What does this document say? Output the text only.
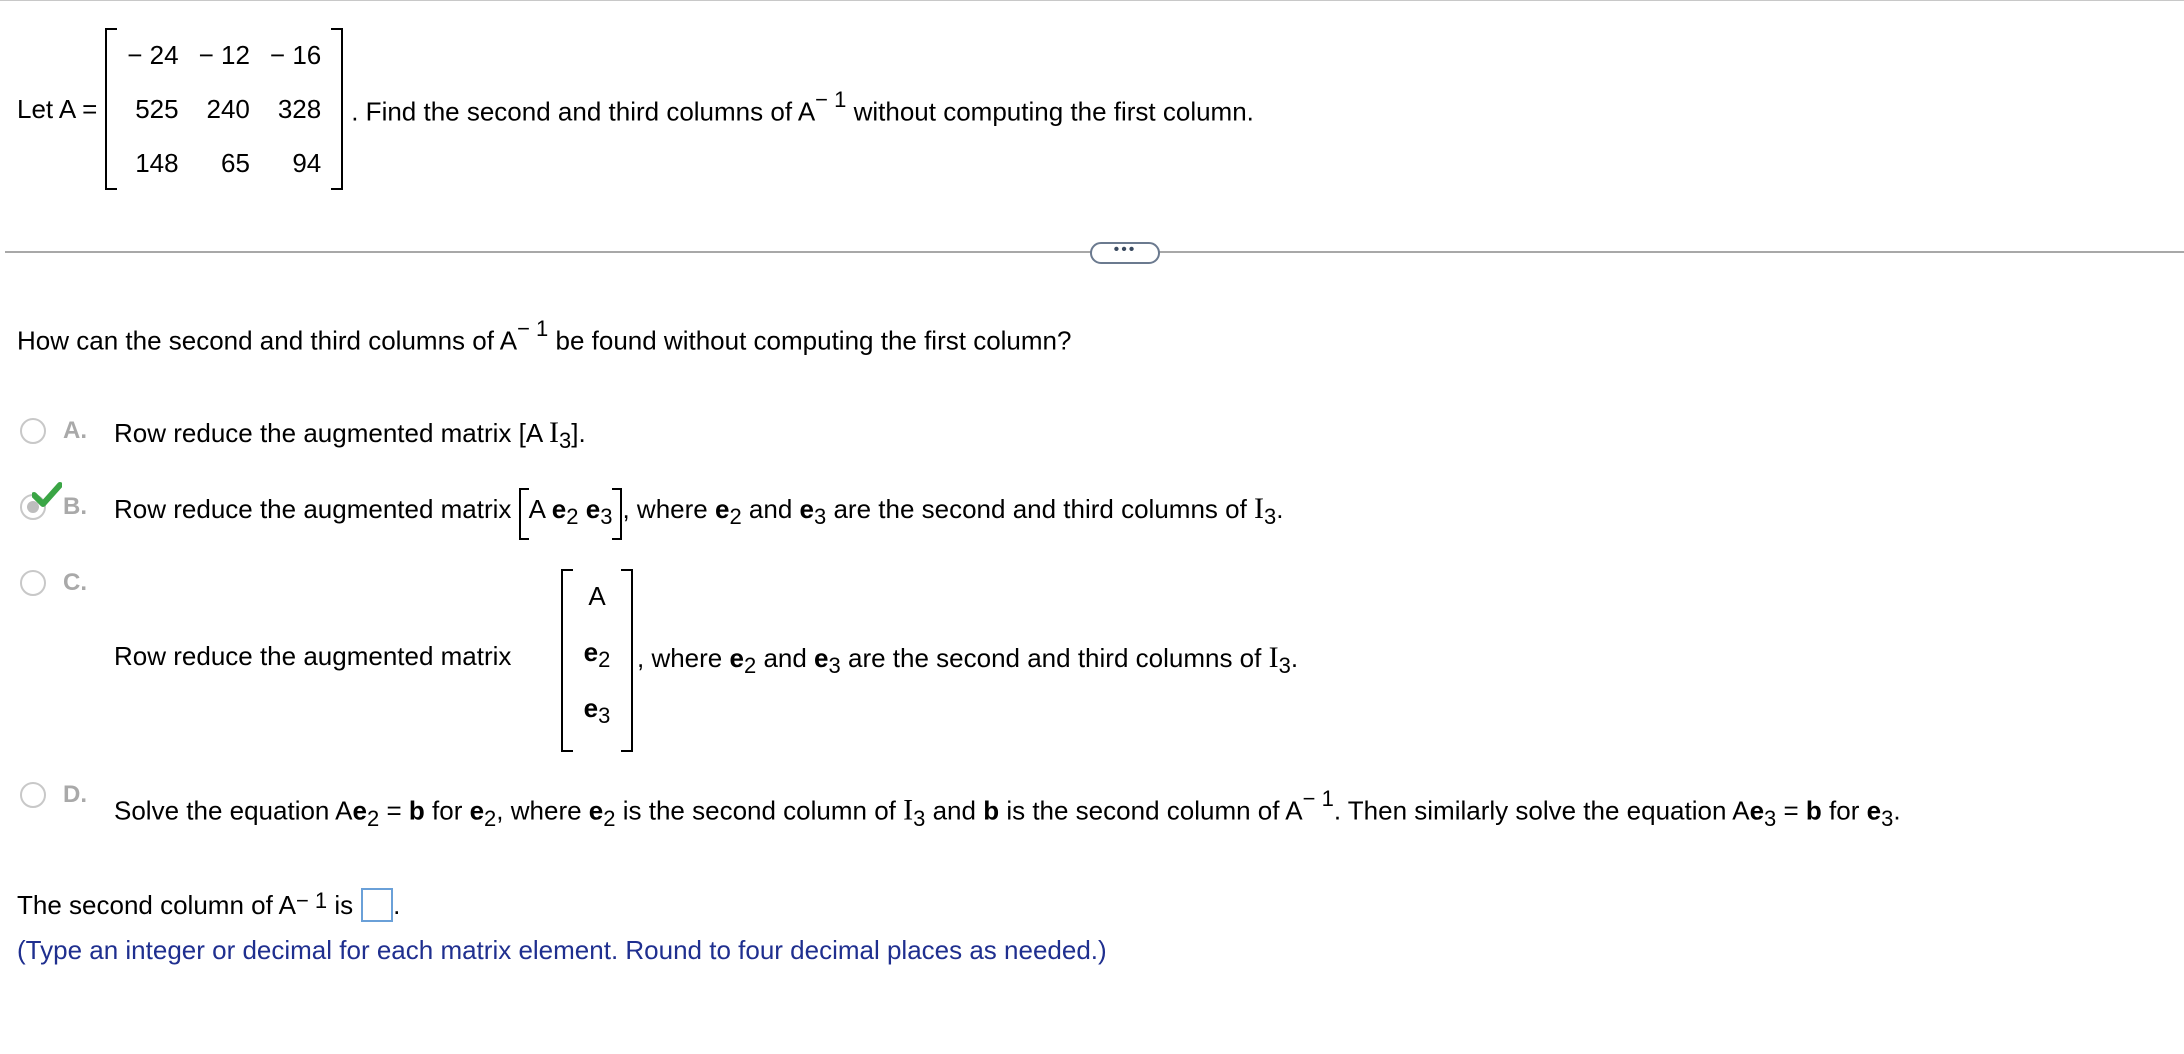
Let A =
− 24	− 12	− 16
525	240	328
148	65	94
. Find the second and third columns of $A^{- 1}$ without computing the first column.
•••
How can the second and third columns of $A^{- 1}$ be found without computing the first column?
A. Row reduce the augmented matrix [A $I_3$].
B. Row reduce the augmented matrix A $e_2$ $e_3$ , where $e_2$ and $e_3$ are the second and third columns of $I_3$.
C.
Row reduce the augmented matrix
A
$e_2$
$e_3$
, where $e_2$ and $e_3$ are the second and third columns of $I_3$.
D.
Solve the equation $Ae_2 = b$ for $e_2$, where $e_2$ is the second column of $I_3$ and b is the second column of $A^{- 1}$. Then similarly solve the equation $Ae_3 = b$ for $e_3$.
The second column of $A^{- 1}$ is .
(Type an integer or decimal for each matrix element. Round to four decimal places as needed.)
